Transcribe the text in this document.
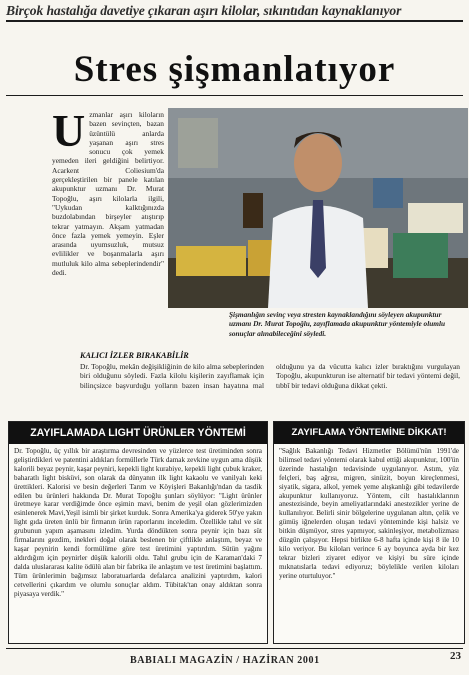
Birçok hastalığa davetiye çıkaran aşırı kilolar, sıkıntıdan kaynaklanıyor
Stres şişmanlatıyor
U zmanlar aşırı kiloların bazen sevinçten, bazan üzüntülü anlarda yaşanan aşırı stres sonucu çok yemek yemeden ileri geldiğini belirtiyor. Acarkent Coliesium'da gerçekleştirilen bir panele katılan akupunktur uzmanı Dr. Murat Topoğlu, aşırı kilolarla ilgili, "Uykudan kalktığınızda buzdolabından birşeyler atıştırıp tekrar yatmayın. Akşam yatmadan önce fazla yemek yemeyin. Eşler arasında uyumsuzluk, mutsuz evlilikler ve boşanmalarla aşırı mutluluk kilo alma sebeplerindendir" dedi.
Şişmanlığın sevinç veya stresten kaynaklandığını söyleyen akupunktur uzmanı Dr. Murat Topoğlu, zayıflamada akupunktur yöntemiyle olumlu sonuçlar alınabileceğini söyledi.
KALICI İZLER BIRAKABİLİR
Dr. Topoğlu, mekân değişikliğinin de kilo alma sebeplerinden biri olduğunu söyledi. Fazla kilolu kişilerin zayıflamak için bilinçsizce başvurduğu yolların bazen insan hayatına mal olduğunu ya da vücutta kalıcı izler bıraktığını vurgulayan Topoğlu, akupunkturun ise alternatif bir tedavi yöntemi değil, tıbbî bir tedavi olduğuna dikkat çekti.
ZAYIFLAMADA LIGHT ÜRÜNLER YÖNTEMİ
Dr. Topoğlu, üç yıllık bir araştırma devresinden ve yüzlerce test üretiminden sonra geliştirdikleri ve patentini aldıkları formüllerle Türk damak zevkine uygun ama düşük kalorili beyaz peynir, kaşar peyniri, kepekli light kurabiye, kepekli light çubuk kraker, baharatlı light bisküvi, son olarak da dünyanın ilk light kakaolu ve vanilyalı keki ürettikleri. Kalorisi ve besin değerleri Tarım ve Köyişleri Bakanlığı'ndan da tasdik edilen bu ürünleri hakkında Dr. Murat Topoğlu şunları söylüyor: "Light ürünler üretmeye karar verdiğimde önce eşimin mavi, benim de yeşil olan gözlerimizden esinlenerek Mavi,Yeşil isimli bir şirket kurduk. Sonra Amerika'ya giderek 50'ye yakın light gıda üreten ünlü bir firmanın ürün raporlarını inceledim. Özellikle tahıl ve süt grubunun yapım aşamasını izledim. Yurda döndükten sonra peynir için bazı süt firmalarını gezdim, inekleri doğal olarak beslenen bir çiftlikle anlaştım, beyaz ve kaşar peynirin kendi formülüme göre test üretimini yaptırdım. Sütün yağını aldırdığım için peynirler düşük kalorili oldu. Tahıl grubu için de Karaman'daki 7 dalda uluslararası kalite ödülü alan bir fabrika ile anlaştım ve test üretimini başlattım. Tüm ürünlerimin bağımsız laboratuarlarda defalarca analizini yaptırdım, kalori cetvellerini çıkardım ve olumlu sonuçlar aldım. Tübitak'tan onay aldıktan sonra piyasaya verdik."
ZAYIFLAMA YÖNTEMİNE DİKKAT!
"Sağlık Bakanlığı Tedavi Hizmetler Bölümü'nün 1991'de bilimsel tedavi yöntemi olarak kabul ettiği akupunktur, 100'ün üzerinde hastalığın tedavisinde uygulanıyor. Astım, yüz felçleri, baş ağrısı, migren, sinüzit, boyun kireçlenmesi, siyatik, sigara, alkol, yemek yeme alışkanlığı gibi tedavilerde akupunktur kullanıyoruz. Yöntem, cilt hastalıklarının anestezisinde, beyin ameliyatlarındaki anestezikler yerine de kullanılıyor. Belirli sinir bölgelerine uygulanan altın, çelik ve gümüş iğnelerden oluşan tedavi yönteminde kişi halsiz ve bitkin düşmüyor, stres yapmıyor, sakinleşiyor, metabolizması düzgün çalışıyor. Hepsi birlikte 6-8 hafta içinde kişi 8 ile 10 kilo veriyor. Bu kiloları verince 6 ay boyunca ayda bir kez tekrar bizleri ziyaret ediyor ve kişiyi bu süre içinde mıknatıslarla tedavi ediyoruz; böylelikle verilen kiloları yerine oturtuluyor."
BABIALI MAGAZİN / HAZİRAN 2001	23
